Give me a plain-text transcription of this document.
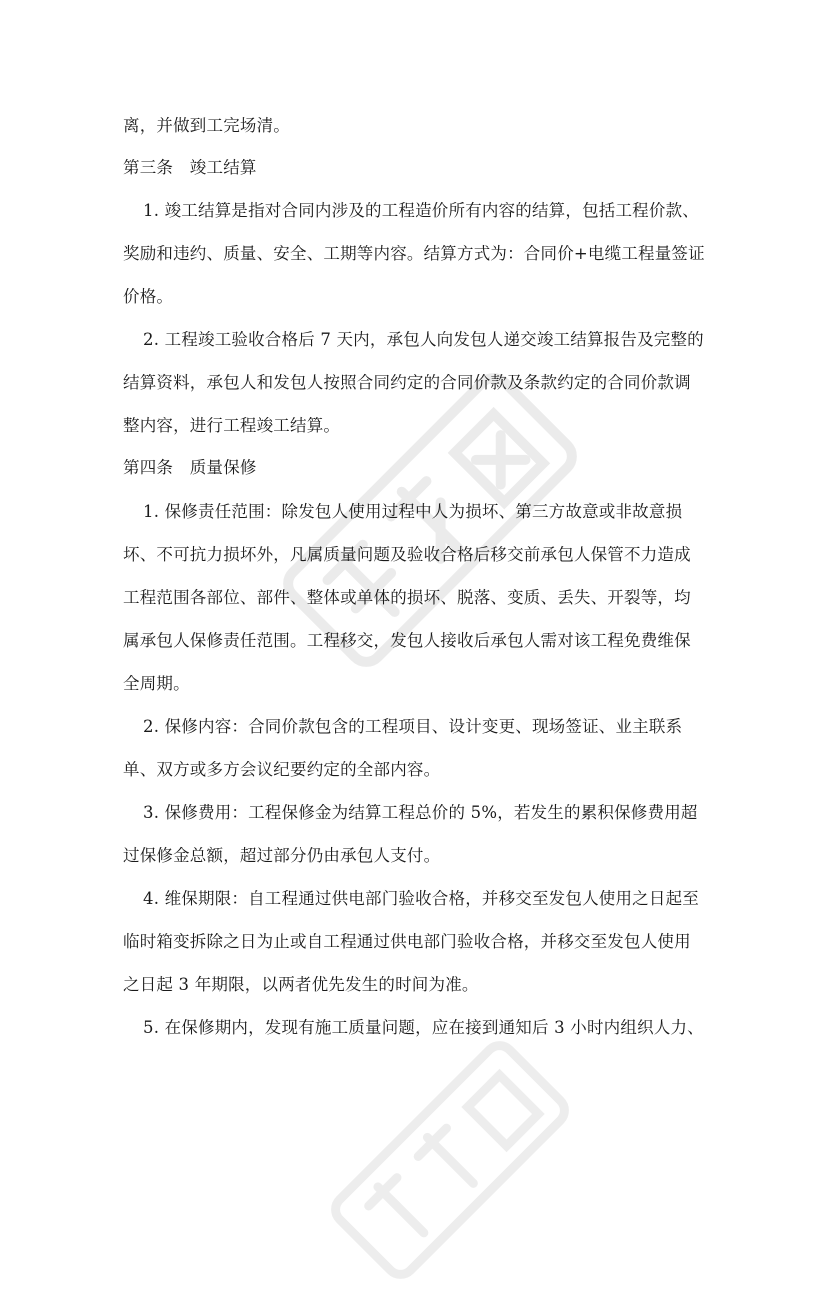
离，并做到工完场清。
第三条　竣工结算
1. 竣工结算是指对合同内涉及的工程造价所有内容的结算，包括工程价款、
奖励和违约、质量、安全、工期等内容。结算方式为：合同价+电缆工程量签证
价格。
2. 工程竣工验收合格后 7 天内，承包人向发包人递交竣工结算报告及完整的
结算资料，承包人和发包人按照合同约定的合同价款及条款约定的合同价款调
整内容，进行工程竣工结算。
第四条　质量保修
1. 保修责任范围：除发包人使用过程中人为损坏、第三方故意或非故意损
坏、不可抗力损坏外，凡属质量问题及验收合格后移交前承包人保管不力造成
工程范围各部位、部件、整体或单体的损坏、脱落、变质、丢失、开裂等，均
属承包人保修责任范围。工程移交，发包人接收后承包人需对该工程免费维保
全周期。
2. 保修内容：合同价款包含的工程项目、设计变更、现场签证、业主联系
单、双方或多方会议纪要约定的全部内容。
3. 保修费用：工程保修金为结算工程总价的 5%，若发生的累积保修费用超
过保修金总额，超过部分仍由承包人支付。
4. 维保期限：自工程通过供电部门验收合格，并移交至发包人使用之日起至
临时箱变拆除之日为止或自工程通过供电部门验收合格，并移交至发包人使用
之日起 3 年期限，以两者优先发生的时间为准。
5. 在保修期内，发现有施工质量问题，应在接到通知后 3 小时内组织人力、
